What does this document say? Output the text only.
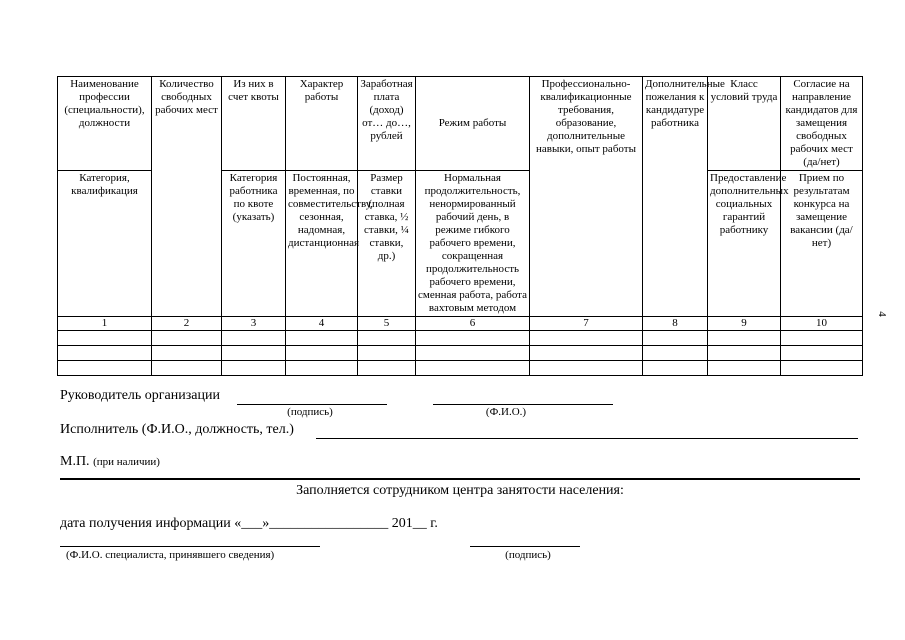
Наименование профессии (специальности), должности	Количество свободных рабочих мест	Из них в счет квоты	Характер работы	Заработная плата (доход) от… до…, рублей	Режим работы	Профессионально-квалификационные требования, образование, дополнительные навыки, опыт работы	Дополнительные пожелания к кандидатуре работника	Класс условий труда	Согласие на направление кандидатов для замещения свободных рабочих мест (да/нет)
Категория, квалификация		Категория работника по квоте (указать)	Постоянная, временная, по совместительству, сезонная, надомная, дистанционная	Размер ставки (полная ставка, ½ ставки, ¼ ставки, др.)	Нормальная продолжительность, ненормированный рабочий день, в режиме гибкого рабочего времени, сокращенная продолжительность рабочего времени, сменная работа, работа вахтовым методом			Предоставление дополнительных социальных гарантий работнику	Прием по результатам конкурса на замещение вакансии (да/нет)
1	2	3	4	5	6	7	8	9	10

4
Руководитель организации
(подпись)	(Ф.И.О.)
Исполнитель (Ф.И.О., должность, тел.)
М.П. (при наличии)
Заполняется сотрудником центра занятости населения:
дата получения информации «___»_________________ 201__ г.
(Ф.И.О. специалиста, принявшего сведения)	(подпись)
